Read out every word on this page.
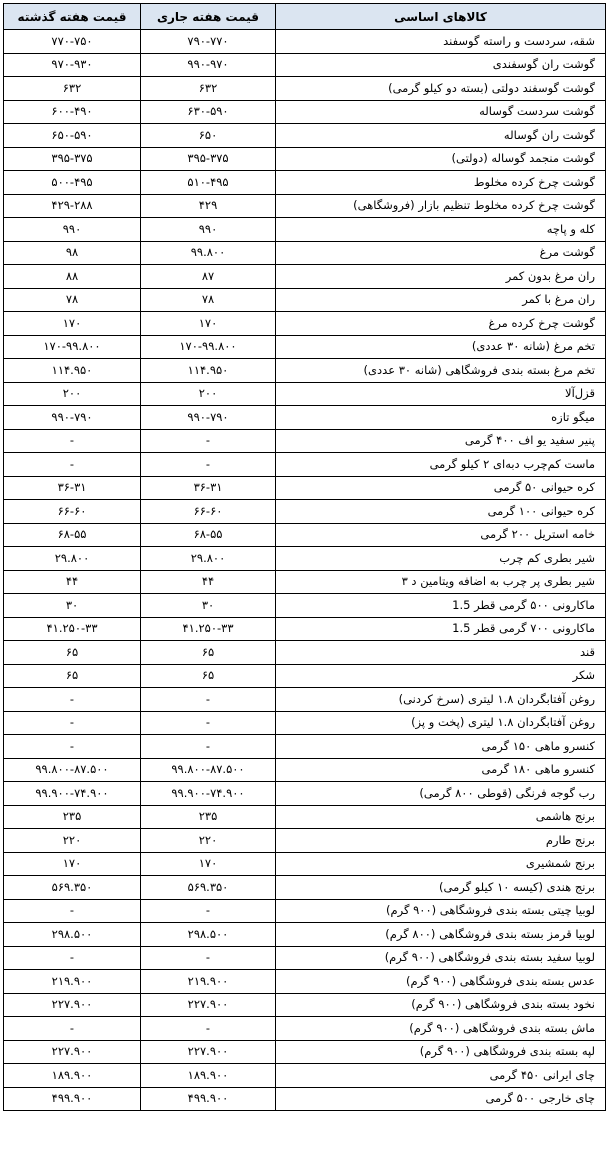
کالاهای اساسی	قیمت هفته جاری	قیمت هفته گذشته
شقه، سردست و راسته گوسفند	۷۹۰-۷۷۰	۷۷۰-۷۵۰
گوشت ران گوسفندی	۹۹۰-۹۷۰	۹۷۰-۹۳۰
گوشت گوسفند دولتی (بسته دو کیلو گرمی)	۶۳۲	۶۳۲
گوشت سردست گوساله	۶۳۰-۵۹۰	۶۰۰-۴۹۰
گوشت ران گوساله	۶۵۰	۶۵۰-۵۹۰
گوشت منجمد گوساله (دولتی)	۳۹۵-۳۷۵	۳۹۵-۳۷۵
گوشت چرخ کرده مخلوط	۵۱۰-۴۹۵	۵۰۰-۴۹۵
گوشت چرخ کرده مخلوط تنظیم بازار (فروشگاهی)	۴۲۹	۴۲۹-۲۸۸
کله و پاچه	۹۹۰	۹۹۰
گوشت مرغ	۹۹.۸۰۰	۹۸
ران مرغ بدون کمر	۸۷	۸۸
ران مرغ با کمر	۷۸	۷۸
گوشت چرخ کرده مرغ	۱۷۰	۱۷۰
تخم مرغ (شانه ۳۰ عددی)	۱۷۰-۹۹.۸۰۰	۱۷۰-۹۹.۸۰۰
تخم مرغ بسته بندی فروشگاهی (شانه ۳۰ عددی)	۱۱۴.۹۵۰	۱۱۴.۹۵۰
قزل‌آلا	۲۰۰	۲۰۰
میگو تازه	۹۹۰-۷۹۰	۹۹۰-۷۹۰
پنیر سفید یو اف ۴۰۰ گرمی	-	-
ماست کم‌چرب دبه‌ای ۲ کیلو گرمی	-	-
کره حیوانی ۵۰ گرمی	۳۶-۳۱	۳۶-۳۱
کره حیوانی ۱۰۰ گرمی	۶۶-۶۰	۶۶-۶۰
خامه استریل ۲۰۰ گرمی	۶۸-۵۵	۶۸-۵۵
شیر بطری کم چرب	۲۹.۸۰۰	۲۹.۸۰۰
شیر بطری پر چرب به اضافه ویتامین د ۳	۴۴	۴۴
ماکارونی ۵۰۰ گرمی قطر 1.5	۳۰	۳۰
ماکارونی ۷۰۰ گرمی قطر 1.5	۴۱.۲۵۰-۳۳	۴۱.۲۵۰-۳۳
قند	۶۵	۶۵
شکر	۶۵	۶۵
روغن آفتابگردان ۱.۸ لیتری (سرخ کردنی)	-	-
روغن آفتابگردان ۱.۸ لیتری (پخت و پز)	-	-
کنسرو ماهی ۱۵۰ گرمی	-	-
کنسرو ماهی ۱۸۰ گرمی	۹۹.۸۰۰-۸۷.۵۰۰	۹۹.۸۰۰-۸۷.۵۰۰
رب گوجه فرنگی (قوطی ۸۰۰ گرمی)	۹۹.۹۰۰-۷۴.۹۰۰	۹۹.۹۰۰-۷۴.۹۰۰
برنج هاشمی	۲۳۵	۲۳۵
برنج طارم	۲۲۰	۲۲۰
برنج شمشیری	۱۷۰	۱۷۰
برنج هندی (کیسه ۱۰ کیلو گرمی)	۵۶۹.۳۵۰	۵۶۹.۳۵۰
لوبیا چیتی بسته بندی فروشگاهی (۹۰۰ گرم)	-	-
لوبیا قرمز بسته بندی فروشگاهی (۸۰۰ گرم)	۲۹۸.۵۰۰	۲۹۸.۵۰۰
لوبیا سفید بسته بندی فروشگاهی (۹۰۰ گرم)	-	-
عدس بسته بندی فروشگاهی (۹۰۰ گرم)	۲۱۹.۹۰۰	۲۱۹.۹۰۰
نخود بسته بندی فروشگاهی (۹۰۰ گرم)	۲۲۷.۹۰۰	۲۲۷.۹۰۰
ماش بسته بندی فروشگاهی (۹۰۰ گرم)	-	-
لپه بسته بندی فروشگاهی (۹۰۰ گرم)	۲۲۷.۹۰۰	۲۲۷.۹۰۰
چای ایرانی ۴۵۰ گرمی	۱۸۹.۹۰۰	۱۸۹.۹۰۰
چای خارجی ۵۰۰ گرمی	۴۹۹.۹۰۰	۴۹۹.۹۰۰
